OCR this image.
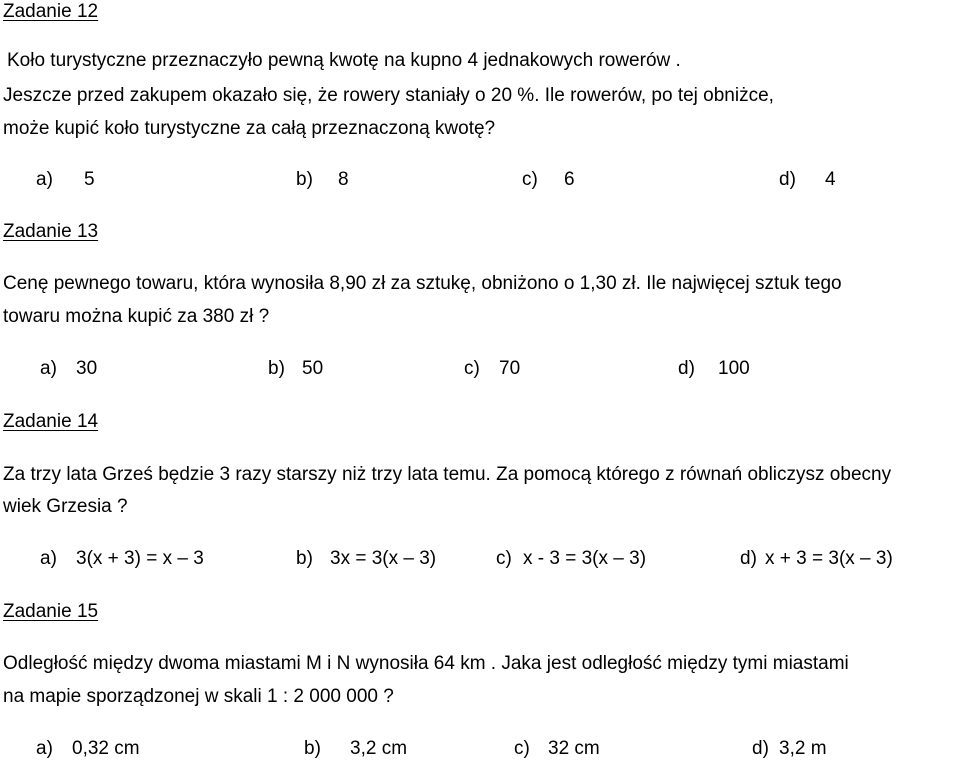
Zadanie 12
Koło turystyczne przeznaczyło pewną kwotę na kupno 4 jednakowych rowerów .
Jeszcze przed zakupem okazało się, że rowery staniały o 20 %. Ile rowerów, po tej obniżce,
może kupić koło turystyczne za całą przeznaczoną kwotę?
a) 5	b) 8	c) 6	d) 4
Zadanie 13
Cenę pewnego towaru, która wynosiła 8,90 zł za sztukę, obniżono o 1,30 zł. Ile najwięcej sztuk tego
towaru można kupić za 380 zł ?
a) 30	b) 50	c) 70	d) 100
Zadanie 14
Za trzy lata Grześ będzie 3 razy starszy niż trzy lata temu. Za pomocą którego z równań obliczysz obecny
wiek Grzesia ?
a) 3(x + 3) = x – 3	b) 3x = 3(x – 3)	c) x - 3 = 3(x – 3)	d) x + 3 = 3(x – 3)
Zadanie 15
Odległość między dwoma miastami M i N wynosiła 64 km . Jaka jest odległość między tymi miastami
na mapie sporządzonej w skali 1 : 2 000 000 ?
a) 0,32 cm	b) 3,2 cm	c) 32 cm	d) 3,2 m
